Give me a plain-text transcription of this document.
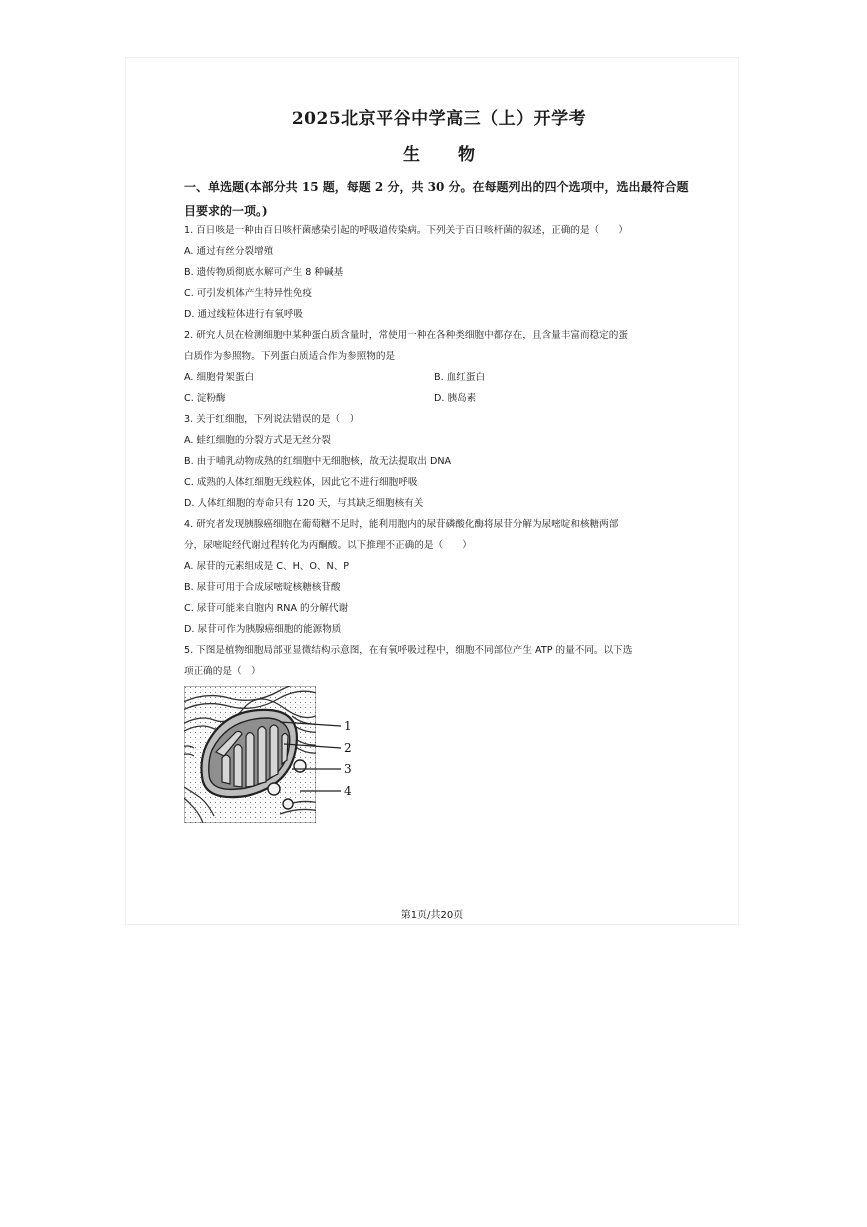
2025北京平谷中学高三（上）开学考
生物
一、单选题(本部分共 15 题，每题 2 分，共 30 分。在每题列出的四个选项中，选出最符合题目要求的一项。)
1. 百日咳是一种由百日咳杆菌感染引起的呼吸道传染病。下列关于百日咳杆菌的叙述，正确的是（　　）
A. 通过有丝分裂增殖
B. 遗传物质彻底水解可产生 8 种碱基
C. 可引发机体产生特异性免疫
D. 通过线粒体进行有氧呼吸
2. 研究人员在检测细胞中某种蛋白质含量时，常使用一种在各种类细胞中都存在，且含量丰富而稳定的蛋
白质作为参照物。下列蛋白质适合作为参照物的是
A. 细胞骨架蛋白	B. 血红蛋白
C. 淀粉酶	D. 胰岛素
3. 关于红细胞，下列说法错误的是（　）
A. 蛙红细胞的分裂方式是无丝分裂
B. 由于哺乳动物成熟的红细胞中无细胞核，故无法提取出 DNA
C. 成熟的人体红细胞无线粒体，因此它不进行细胞呼吸
D. 人体红细胞的寿命只有 120 天，与其缺乏细胞核有关
4. 研究者发现胰腺癌细胞在葡萄糖不足时，能利用胞内的尿苷磷酸化酶将尿苷分解为尿嘧啶和核糖两部
分，尿嘧啶经代谢过程转化为丙酮酸。以下推理不正确的是（　　）
A. 尿苷的元素组成是 C、H、O、N、P
B. 尿苷可用于合成尿嘧啶核糖核苷酸
C. 尿苷可能来自胞内 RNA 的分解代谢
D. 尿苷可作为胰腺癌细胞的能源物质
5. 下图是植物细胞局部亚显微结构示意图，在有氧呼吸过程中，细胞不同部位产生 ATP 的量不同。以下选
项正确的是（　）
1
2
3
4
第1页/共20页
